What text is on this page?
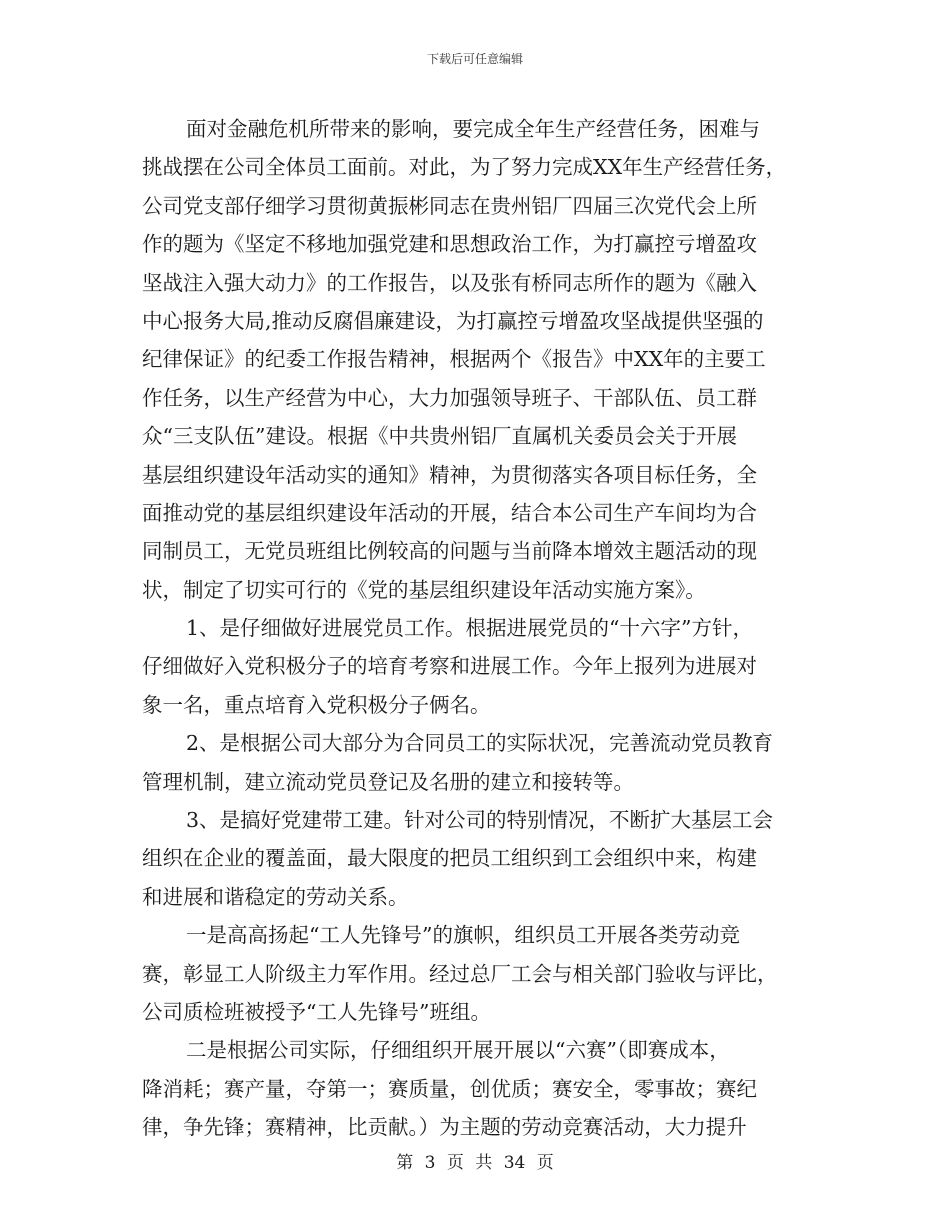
下载后可任意编辑
面对金融危机所带来的影响，要完成全年生产经营任务，困难与
挑战摆在公司全体员工面前。对此，为了努力完成XX年生产经营任务，
公司党支部仔细学习贯彻黄振彬同志在贵州铝厂四届三次党代会上所
作的题为《坚定不移地加强党建和思想政治工作，为打赢控亏增盈攻
坚战注入强大动力》的工作报告，以及张有桥同志所作的题为《融入
中心报务大局,推动反腐倡廉建设，为打赢控亏增盈攻坚战提供坚强的
纪律保证》的纪委工作报告精神，根据两个《报告》中XX年的主要工
作任务，以生产经营为中心，大力加强领导班子、干部队伍、员工群
众“三支队伍”建设。根据《中共贵州铝厂直属机关委员会关于开展
基层组织建设年活动实的通知》精神，为贯彻落实各项目标任务，全
面推动党的基层组织建设年活动的开展，结合本公司生产车间均为合
同制员工，无党员班组比例较高的问题与当前降本增效主题活动的现
状，制定了切实可行的《党的基层组织建设年活动实施方案》。
1、是仔细做好进展党员工作。根据进展党员的“十六字”方针，
仔细做好入党积极分子的培育考察和进展工作。今年上报列为进展对
象一名，重点培育入党积极分子俩名。
2、是根据公司大部分为合同员工的实际状况，完善流动党员教育
管理机制，建立流动党员登记及名册的建立和接转等。
3、是搞好党建带工建。针对公司的特别情况，不断扩大基层工会
组织在企业的覆盖面，最大限度的把员工组织到工会组织中来，构建
和进展和谐稳定的劳动关系。
一是高高扬起“工人先锋号”的旗帜，组织员工开展各类劳动竞
赛，彰显工人阶级主力军作用。经过总厂工会与相关部门验收与评比，
公司质检班被授予“工人先锋号”班组。
二是根据公司实际，仔细组织开展开展以“六赛”（即赛成本，
降消耗；赛产量，夺第一；赛质量，创优质；赛安全，零事故；赛纪
律，争先锋；赛精神，比贡献。）为主题的劳动竞赛活动，大力提升
第 3 页 共 34 页
